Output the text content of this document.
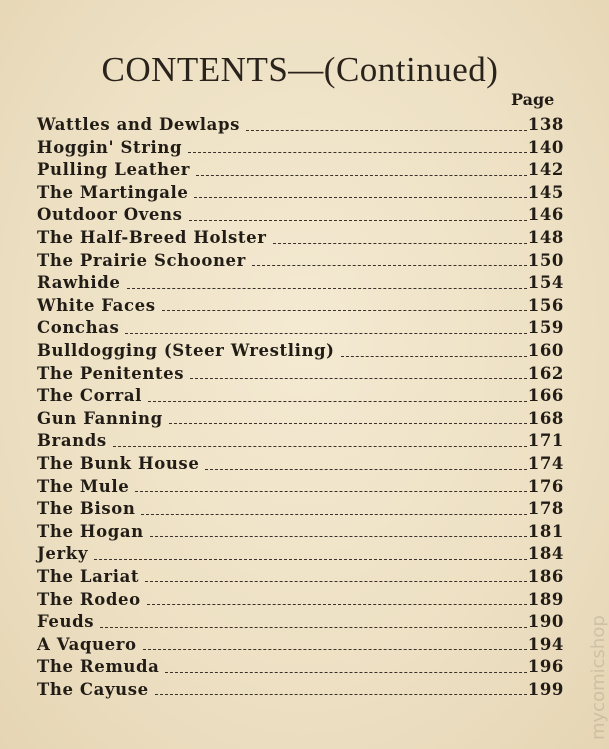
CONTENTS—(Continued)
Page
Wattles and Dewlaps	138
Hoggin' String	140
Pulling Leather	142
The Martingale	145
Outdoor Ovens	146
The Half-Breed Holster	148
The Prairie Schooner	150
Rawhide	154
White Faces	156
Conchas	159
Bulldogging (Steer Wrestling)	160
The Penitentes	162
The Corral	166
Gun Fanning	168
Brands	171
The Bunk House	174
The Mule	176
The Bison	178
The Hogan	181
Jerky	184
The Lariat	186
The Rodeo	189
Feuds	190
A Vaquero	194
The Remuda	196
The Cayuse	199 mycomicshop
